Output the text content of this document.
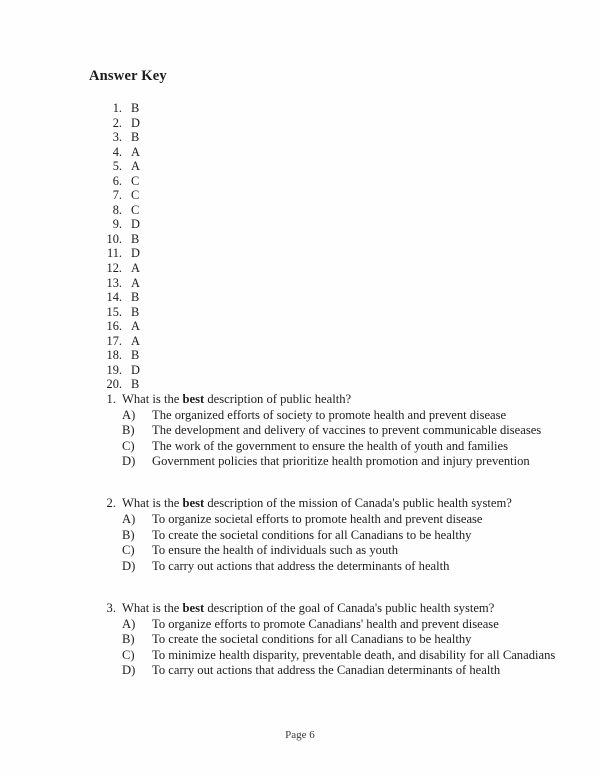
Answer Key
1. B
2. D
3. B
4. A
5. A
6. C
7. C
8. C
9. D
10. B
11. D
12. A
13. A
14. B
15. B
16. A
17. A
18. B
19. D
20. B
1. What is the best description of public health?
A) The organized efforts of society to promote health and prevent disease
B) The development and delivery of vaccines to prevent communicable diseases
C) The work of the government to ensure the health of youth and families
D) Government policies that prioritize health promotion and injury prevention
2. What is the best description of the mission of Canada's public health system?
A) To organize societal efforts to promote health and prevent disease
B) To create the societal conditions for all Canadians to be healthy
C) To ensure the health of individuals such as youth
D) To carry out actions that address the determinants of health
3. What is the best description of the goal of Canada's public health system?
A) To organize efforts to promote Canadians' health and prevent disease
B) To create the societal conditions for all Canadians to be healthy
C) To minimize health disparity, preventable death, and disability for all Canadians
D) To carry out actions that address the Canadian determinants of health
Page 6
